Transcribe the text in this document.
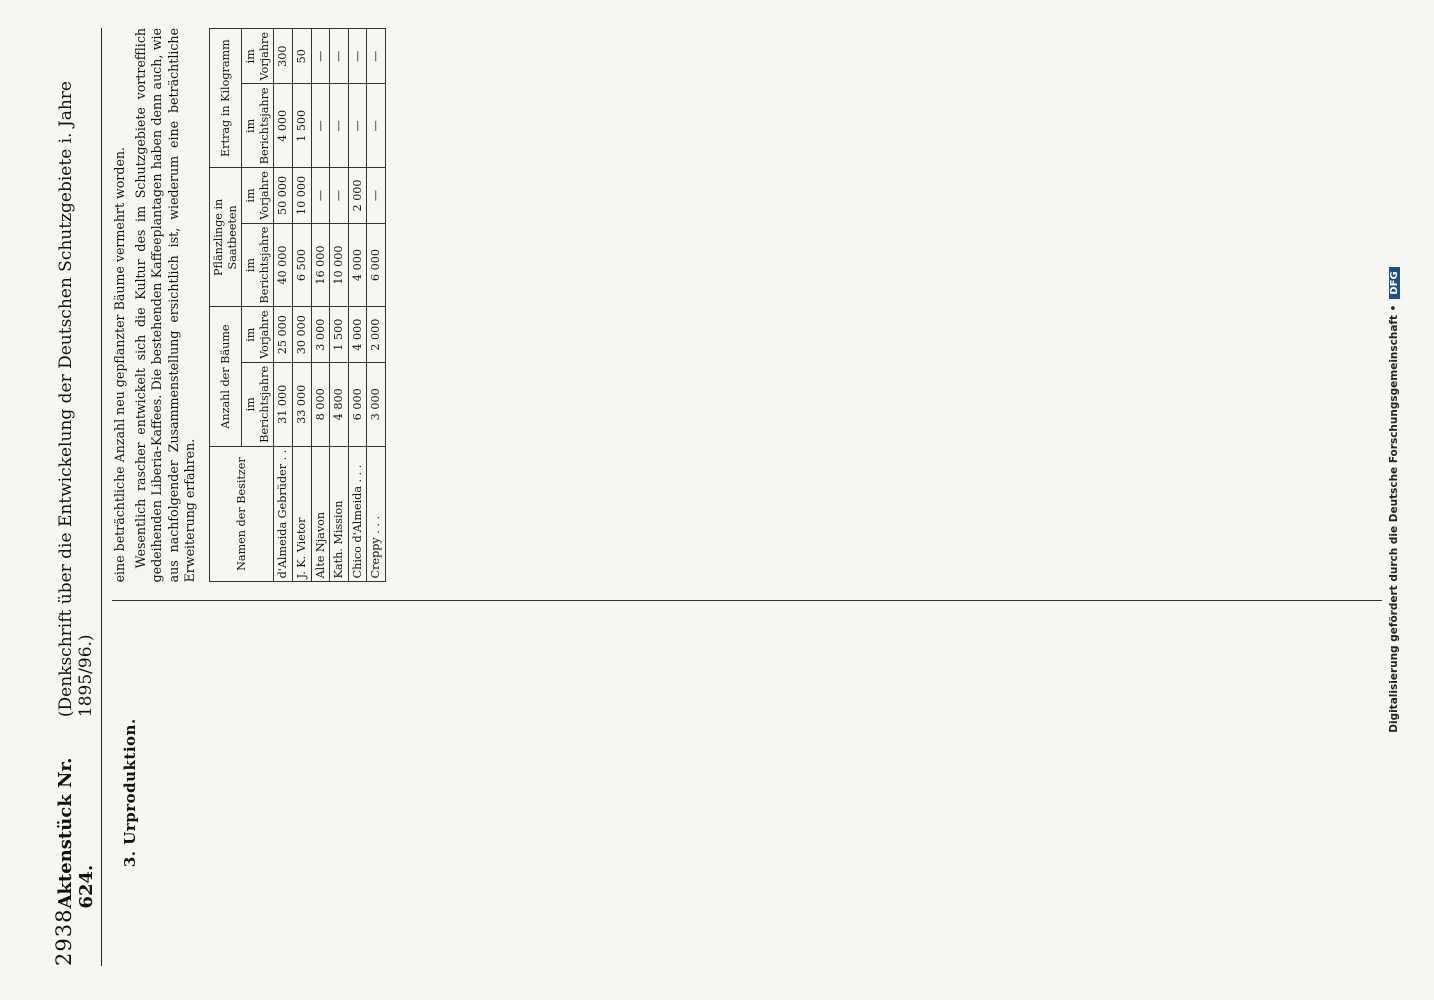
2938
Aktenstück Nr. 624.
(Denkschrift über die Entwickelung der Deutschen Schutzgebiete i. Jahre 1895/96.)
3. Urproduktion.

eine beträchtliche Anzahl neu gepflanzter Bäume vermehrt worden. Wesentlich rascher entwickelt sich die Kultur des im Schutzgebiete vortrefflich gedeihenden Liberia-Kaffees. Die bestehenden Kaffeeplantagen haben denn auch, wie aus nachfolgender Zusammenstellung ersichtlich ist, wiederum eine beträchtliche Erweiterung erfahren.	Namen der Besitzer	Anzahl der Bäume		Pflänzlinge in Saatbeeten		Ertrag in Kilogramm	
	im Berichtsjahre	im Vorjahre	im Berichtsjahre	im Vorjahre	im Berichtsjahre	im Vorjahre
d'Almeida Gebrüder . .	31 000	25 000	40 000	50 000	4 000	300
J. K. Vietor	33 000	30 000	6 500	10 000	1 500	50
Alte Njavon	8 000	3 000	16 000	—	—	—
Kath. Mission	4 800	1 500	10 000	—	—	—
Chico d'Almeida . . .	6 000	4 000	4 000	2 000	—	—
Creppy . . .	3 000	2 000	6 000	—	—	—
Digitalisierung gefördert durch die Deutsche Forschungsgemeinschaft •DFG
